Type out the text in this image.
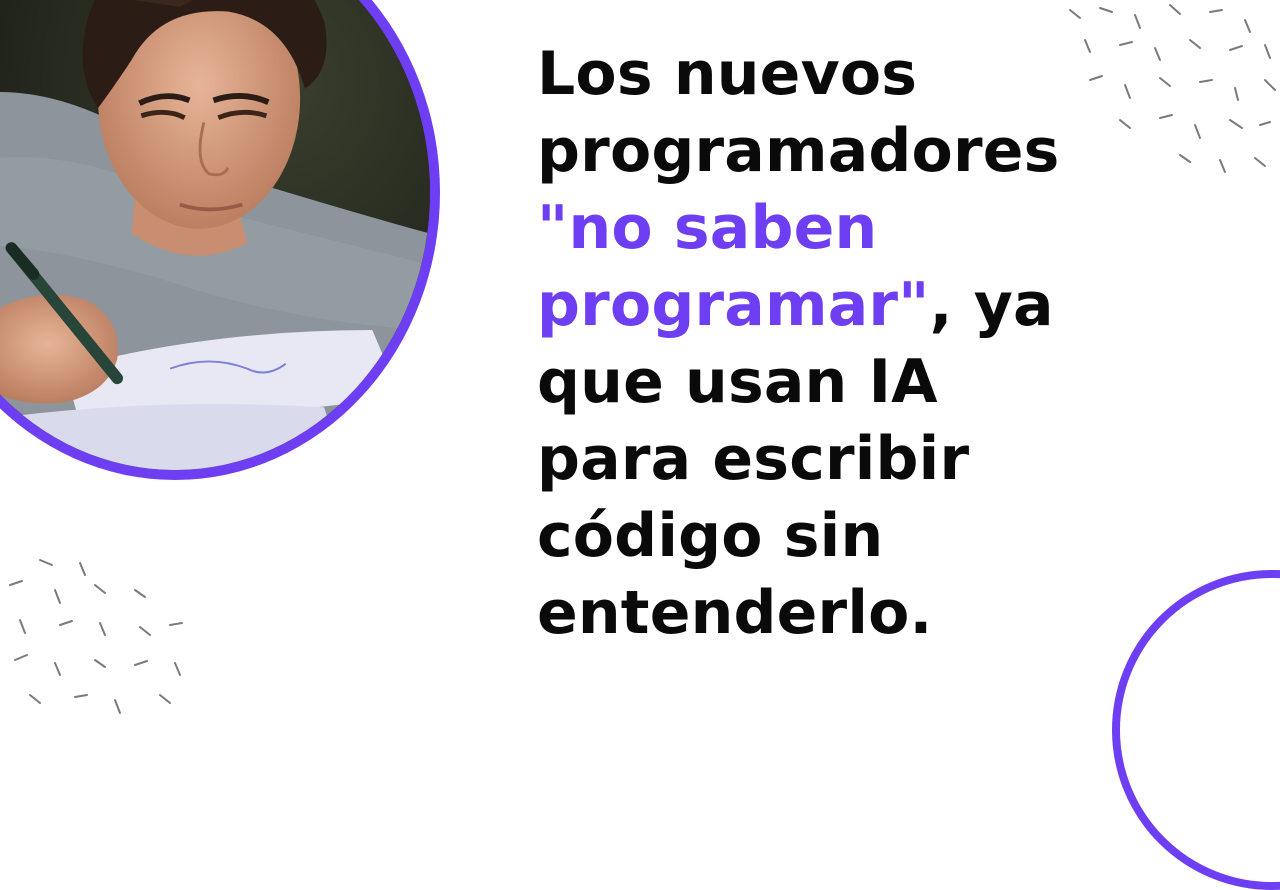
Los nuevos
programadores
"no saben
programar", ya
que usan IA
para escribir
código sin
entenderlo.
